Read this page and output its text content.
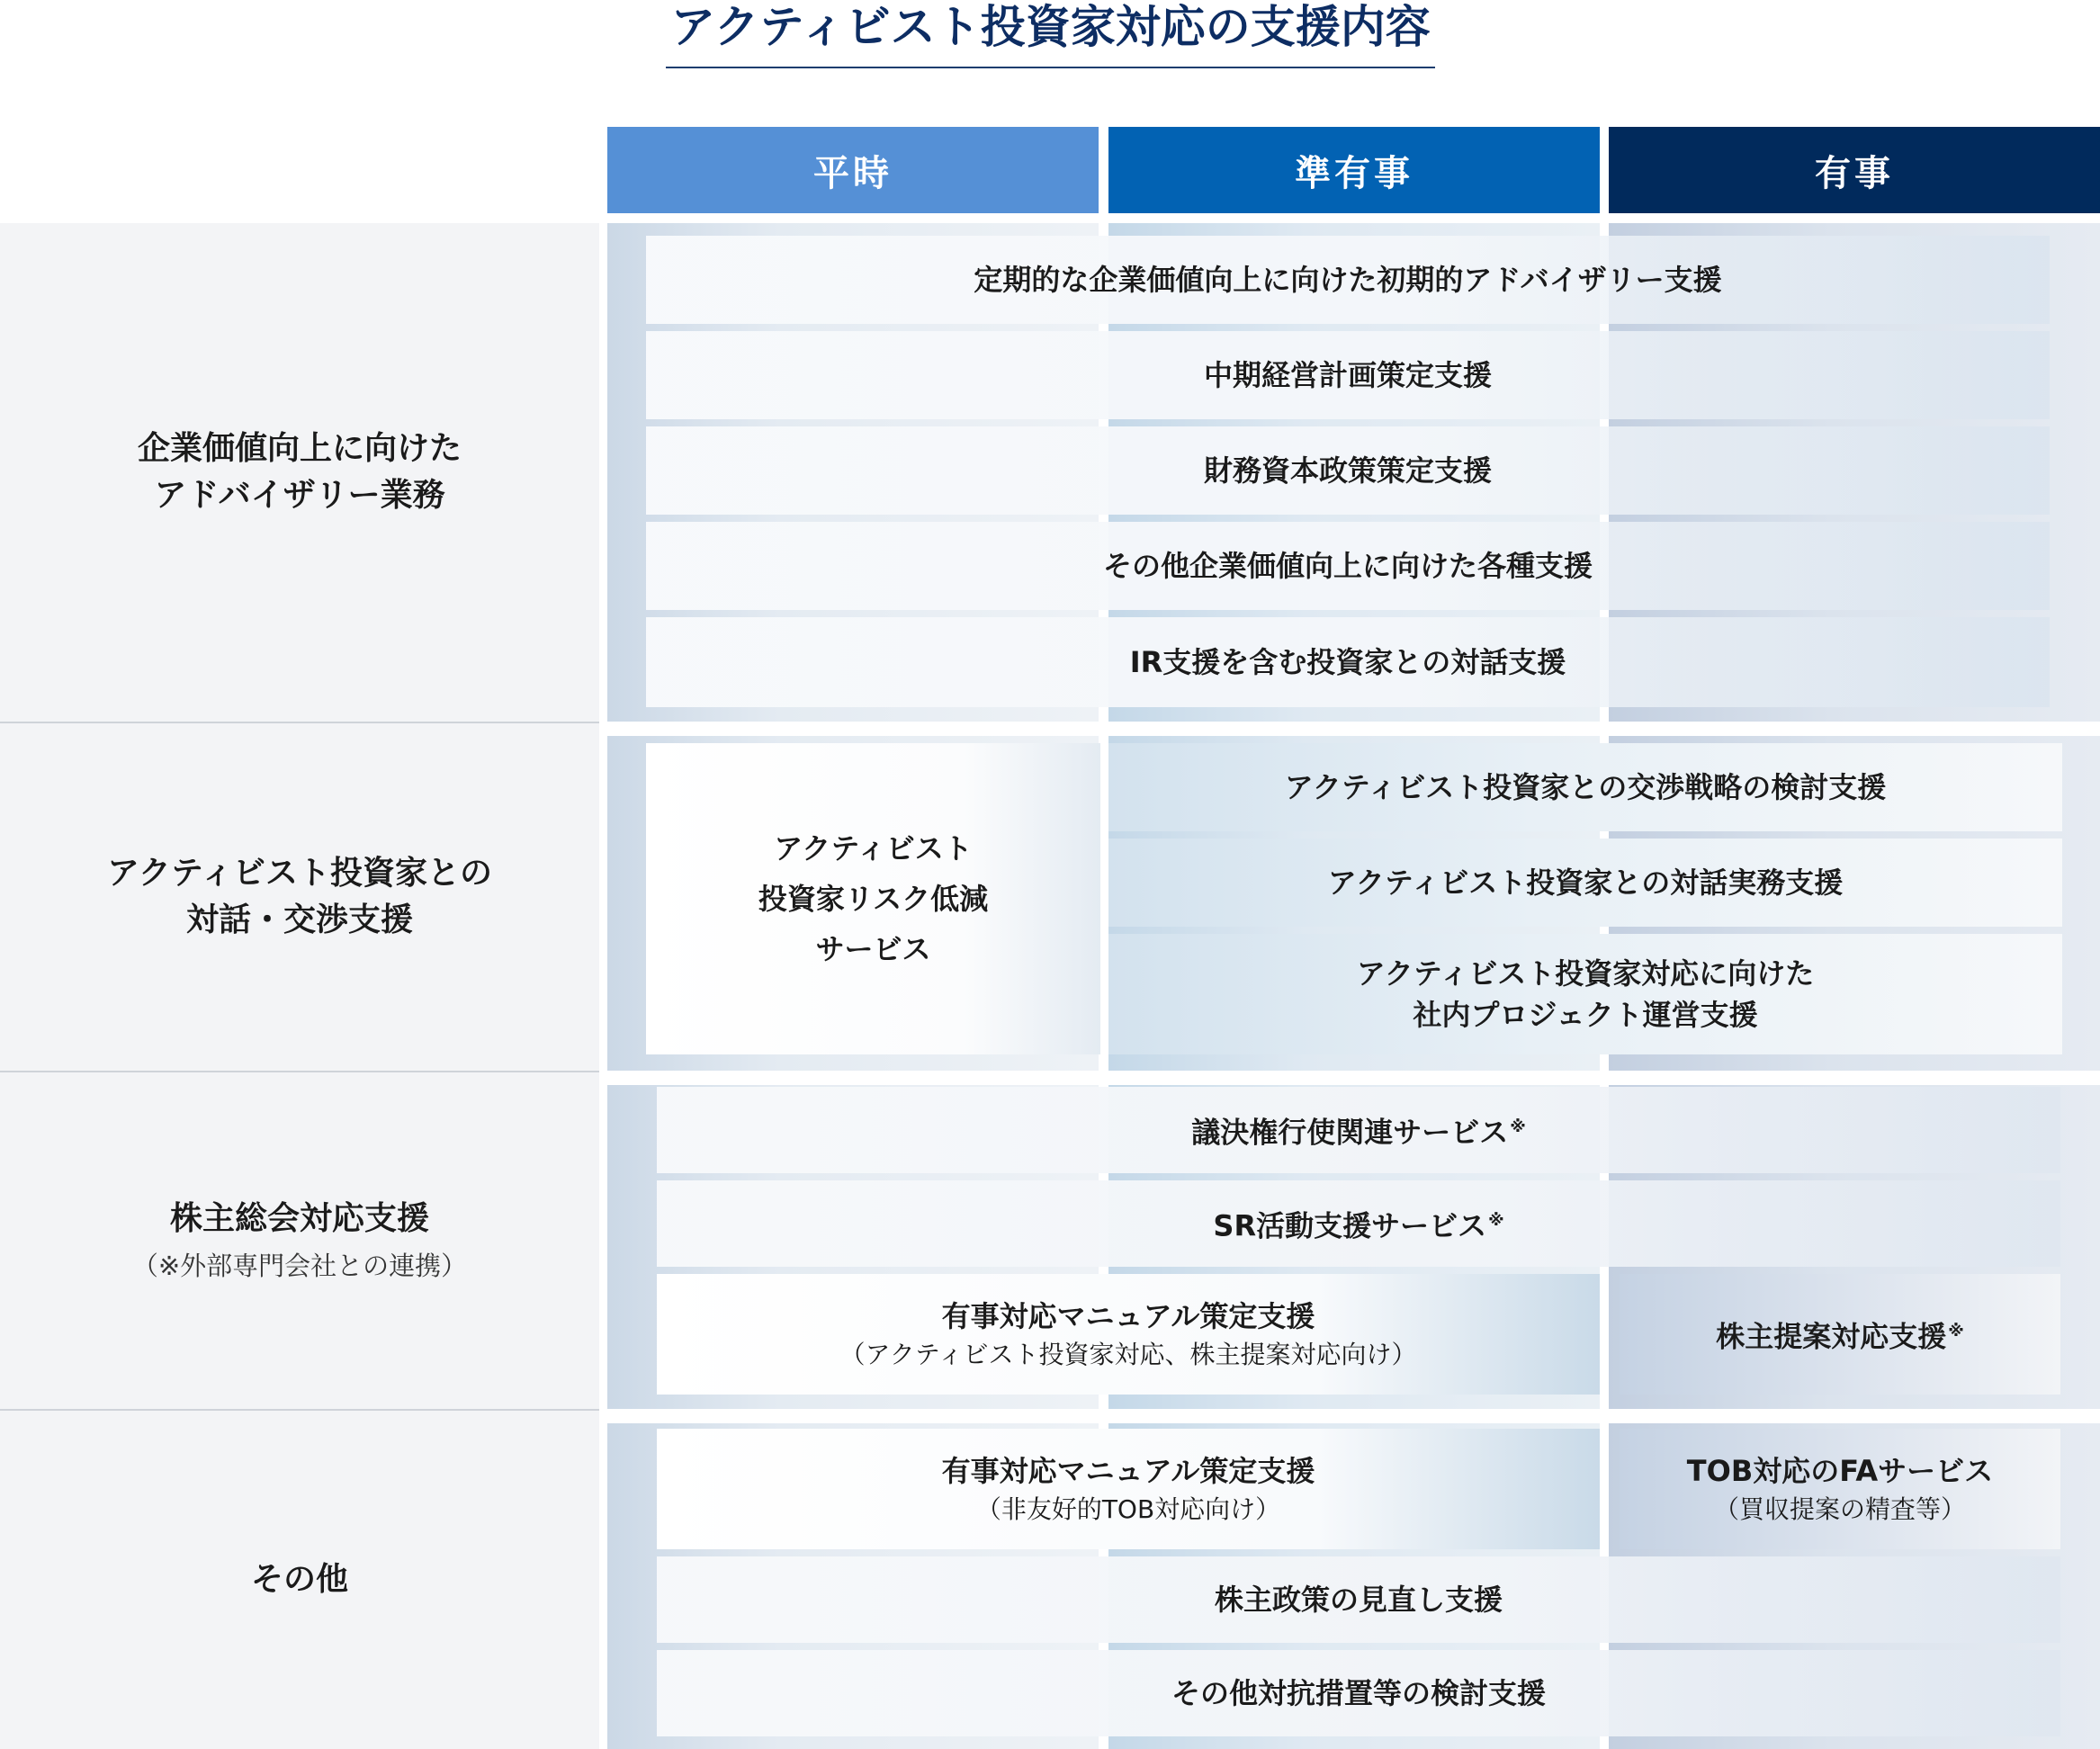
アクティビスト投資家対応の支援内容
平時	準有事	有事
企業価値向上に向けた
アドバイザリー業務
アクティビスト投資家との
対話・交渉支援
株主総会対応支援
（※外部専門会社との連携）
その他
定期的な企業価値向上に向けた初期的アドバイザリー支援
中期経営計画策定支援
財務資本政策策定支援
その他企業価値向上に向けた各種支援
IR支援を含む投資家との対話支援
アクティビスト
投資家リスク低減
サービス
アクティビスト投資家との交渉戦略の検討支援
アクティビスト投資家との対話実務支援
アクティビスト投資家対応に向けた
社内プロジェクト運営支援
議決権行使関連サービス ※
SR活動支援サービス ※
有事対応マニュアル策定支援
（アクティビスト投資家対応、株主提案対応向け）
株主提案対応支援 ※
有事対応マニュアル策定支援
（非友好的TOB対応向け）
TOB対応のFAサービス
（買収提案の精査等）
株主政策の見直し支援
その他対抗措置等の検討支援
